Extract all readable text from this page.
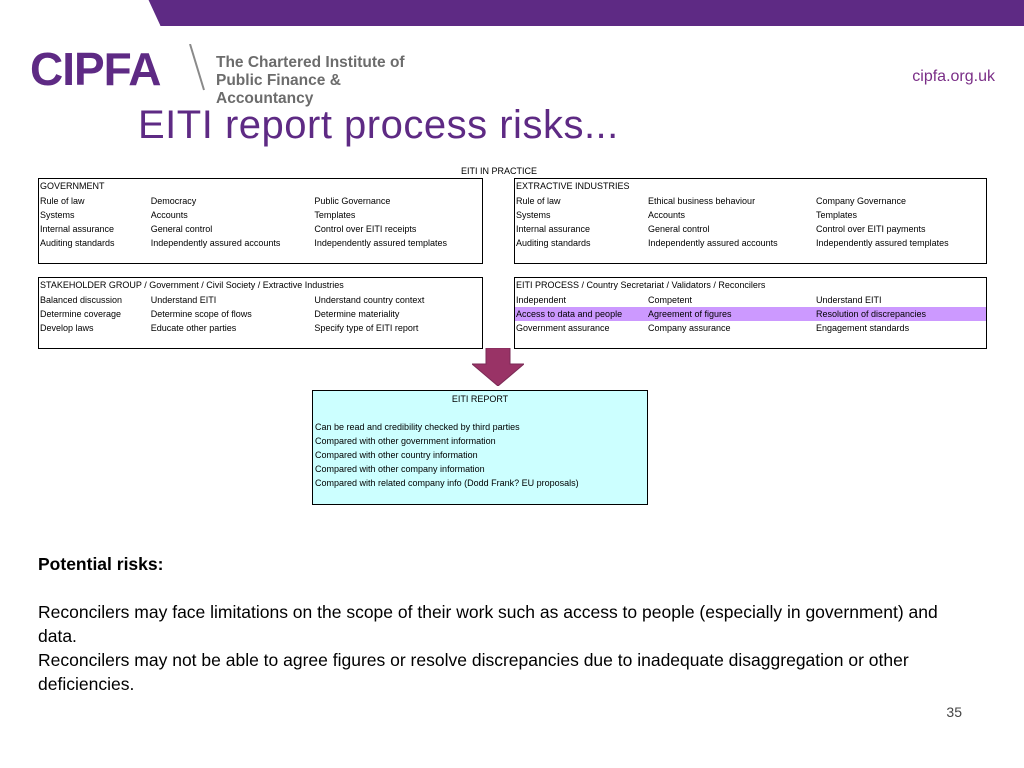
CIPFA	The Chartered Institute of
Public Finance & Accountancy
cipfa.org.uk
EITI report process risks...
EITI IN PRACTICE
GOVERNMENT
Rule of law	Democracy	Public Governance
Systems	Accounts	Templates
Internal assurance	General control	Control over EITI receipts
Auditing standards	Independently assured accounts	Independently assured templates
EXTRACTIVE INDUSTRIES
Rule of law	Ethical business behaviour	Company Governance
Systems	Accounts	Templates
Internal assurance	General control	Control over EITI payments
Auditing standards	Independently assured accounts	Independently assured templates
STAKEHOLDER GROUP / Government / Civil Society / Extractive Industries
Balanced discussion	Understand EITI	Understand country context
Determine coverage	Determine scope of flows	Determine materiality
Develop laws	Educate other parties	Specify type of EITI report
EITI PROCESS / Country Secretariat / Validators / Reconcilers
Independent	Competent	Understand EITI
Access to data and people	Agreement of figures	Resolution of discrepancies
Government assurance	Company assurance	Engagement standards
EITI REPORT
Can be read and credibility checked by third parties
Compared with other government information
Compared with other country information
Compared with other company information
Compared with related company info (Dodd Frank? EU proposals)
Potential risks:
Reconcilers may face limitations on the scope of their work such as access to people (especially in government) and data.
Reconcilers may not be able to agree figures or resolve discrepancies due to inadequate disaggregation or other deficiencies.
35
